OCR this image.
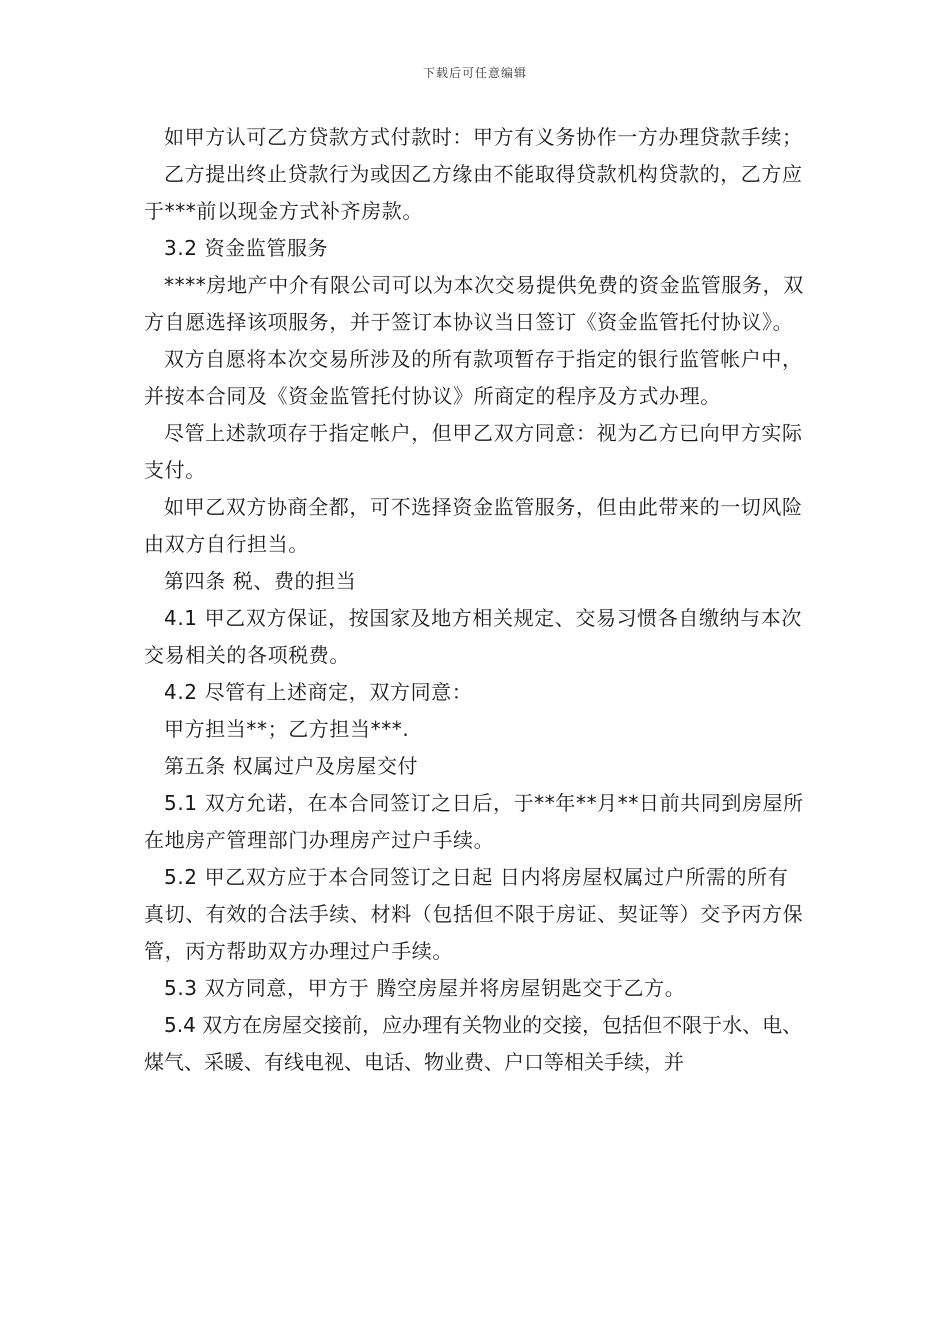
下载后可任意编辑

如甲方认可乙方贷款方式付款时：甲方有义务协作一方办理贷款手续；

乙方提出终止贷款行为或因乙方缘由不能取得贷款机构贷款的，乙方应于***前以现金方式补齐房款。

3.2 资金监管服务

****房地产中介有限公司可以为本次交易提供免费的资金监管服务，双方自愿选择该项服务，并于签订本协议当日签订《资金监管托付协议》。

双方自愿将本次交易所涉及的所有款项暂存于指定的银行监管帐户中，并按本合同及《资金监管托付协议》所商定的程序及方式办理。

尽管上述款项存于指定帐户，但甲乙双方同意：视为乙方已向甲方实际支付。

如甲乙双方协商全都，可不选择资金监管服务，但由此带来的一切风险由双方自行担当。

第四条 税、费的担当

4.1 甲乙双方保证，按国家及地方相关规定、交易习惯各自缴纳与本次交易相关的各项税费。

4.2 尽管有上述商定，双方同意：

甲方担当**；乙方担当***.

第五条 权属过户及房屋交付

5.1 双方允诺，在本合同签订之日后，于**年**月**日前共同到房屋所在地房产管理部门办理房产过户手续。

5.2 甲乙双方应于本合同签订之日起 日内将房屋权属过户所需的所有真切、有效的合法手续、材料（包括但不限于房证、契证等）交予丙方保管，丙方帮助双方办理过户手续。

5.3 双方同意，甲方于 腾空房屋并将房屋钥匙交于乙方。

5.4 双方在房屋交接前，应办理有关物业的交接，包括但不限于水、电、煤气、采暖、有线电视、电话、物业费、户口等相关手续，并
